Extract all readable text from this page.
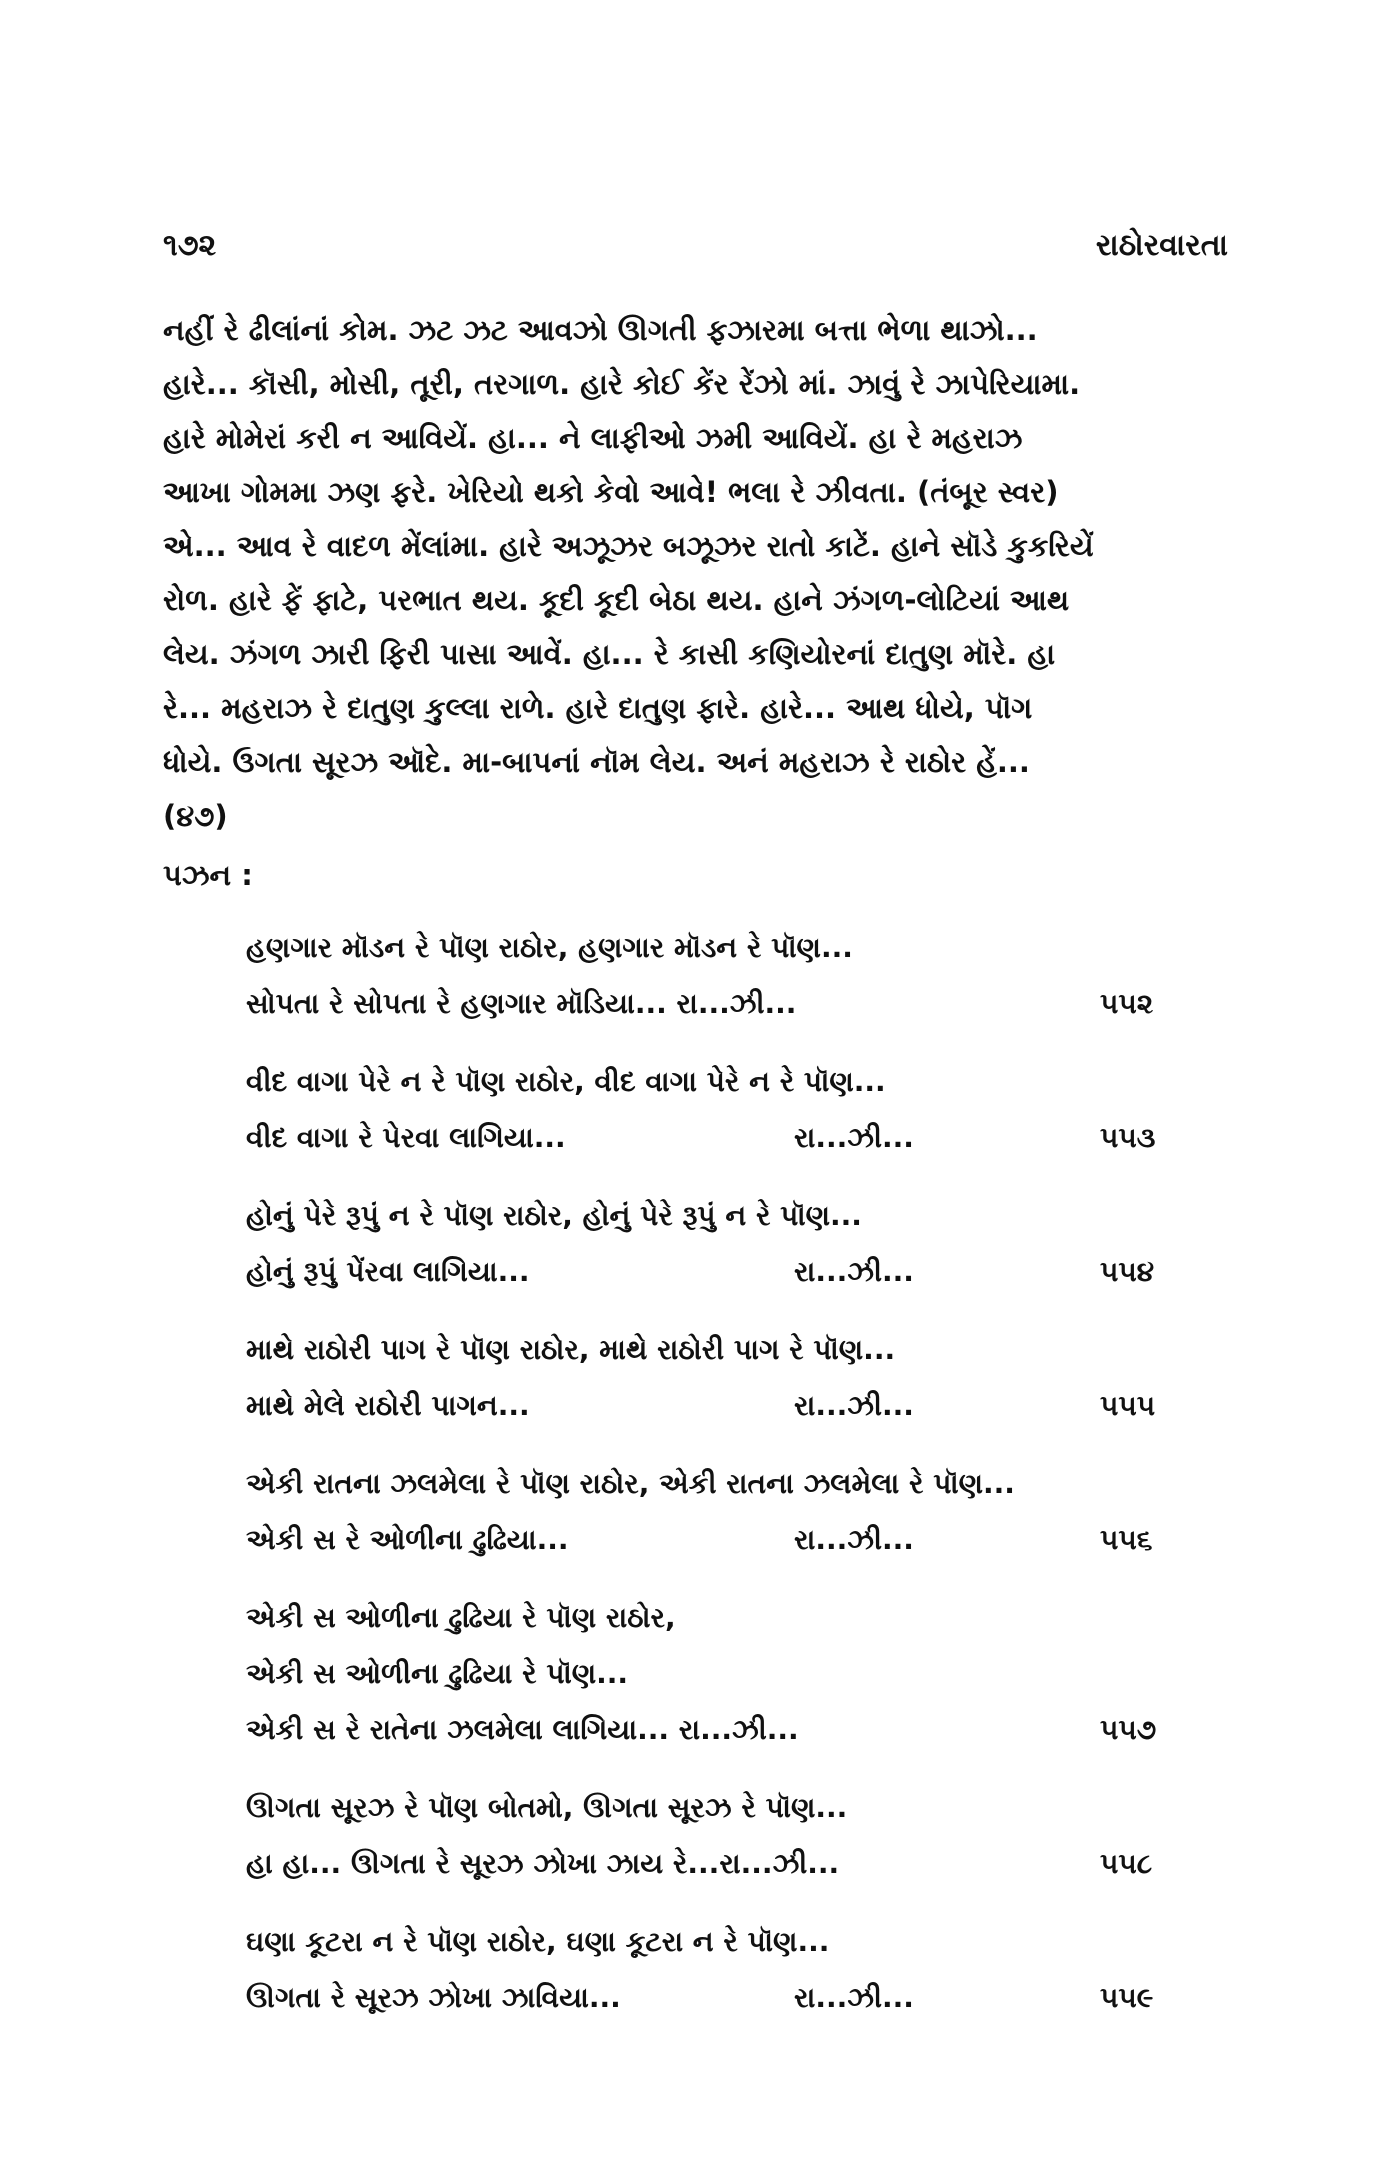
૧૭૨	રાઠોરવારતા
નહીં રે ઢીલાંનાં કોમ. ઝટ ઝટ આવઝો ઊગતી ફઝારમા બત્તા ભેળા થાઝો...
હારે... કૉસી, મોસી, તૂરી, તરગાળ. હારે કોઈ કેંર રેંઝો માં. ઝાવું રે ઝાપેરિયામા.
હારે મોમેરાં કરી ન આવિયેં. હા... ને લાફીઓ ઝમી આવિયેં. હા રે મહરાઝ
આખા ગોમમા ઝણ ફરે. ખેરિયો થકો કેવો આવે! ભલા રે ઝીવતા. (તંબૂર સ્વર)
એ... આવ રે વાદળ મેંલાંમા. હારે અઝૂઝર બઝૂઝર રાતો કાટેં. હાને સૉડે કુકરિયેં
રોળ. હારે ફેં ફાટે, પરભાત થય. કૂદી કૂદી બેઠા થય. હાને ઝંગળ-લોટિયાં આથ
લેય. ઝંગળ ઝારી ફિરી પાસા આવેં. હા... રે કાસી કણિયોરનાં દાતુણ મૉરે. હા
રે... મહરાઝ રે દાતુણ કુલ્લા રાળે. હારે દાતુણ ફારે. હારે... આથ ધોયે, પૉગ
ધોયે. ઉગતા સૂરઝ ઑદે. મા-બાપનાં નૉમ લેય. અનં મહરાઝ રે રાઠોર હેં...
(૪૭)
પઝન :
હણગાર મૉડન રે પૉણ રાઠોર, હણગાર મૉડન રે પૉણ...
સોપતા રે સોપતા રે હણગાર મૉડિયા... રા...ઝી...	૫૫૨
વીદ વાગા પેરે ન રે પૉણ રાઠોર, વીદ વાગા પેરે ન રે પૉણ...
વીદ વાગા રે પેરવા લાગિયા...	રા...ઝી...	૫૫૩
હોનું પેરે રૂપું ન રે પૉણ રાઠોર, હોનું પેરે રૂપું ન રે પૉણ...
હોનું રૂપું પેંરવા લાગિયા...	રા...ઝી...	૫૫૪
માથે રાઠોરી પાગ રે પૉણ રાઠોર, માથે રાઠોરી પાગ રે પૉણ...
માથે મેલે રાઠોરી પાગન...	રા...ઝી...	૫૫૫
એકી રાતના ઝલમેલા રે પૉણ રાઠોર, એકી રાતના ઝલમેલા રે પૉણ...
એકી સ રે ઓળીના ઢુઢિયા...	રા...ઝી...	૫૫૬
એકી સ ઓળીના ઢુઢિયા રે પૉણ રાઠોર,
એકી સ ઓળીના ઢુઢિયા રે પૉણ...
એકી સ રે રાતેના ઝલમેલા લાગિયા... રા...ઝી...	૫૫૭
ઊગતા સૂરઝ રે પૉણ બોતમો, ઊગતા સૂરઝ રે પૉણ...
હા હા... ઊગતા રે સૂરઝ ઝોખા ઝાય રે...રા...ઝી...	૫૫૮
ઘણા કૂટરા ન રે પૉણ રાઠોર, ઘણા કૂટરા ન રે પૉણ...
ઊગતા રે સૂરઝ ઝોખા ઝાવિયા...	રા...ઝી...	૫૫૯
